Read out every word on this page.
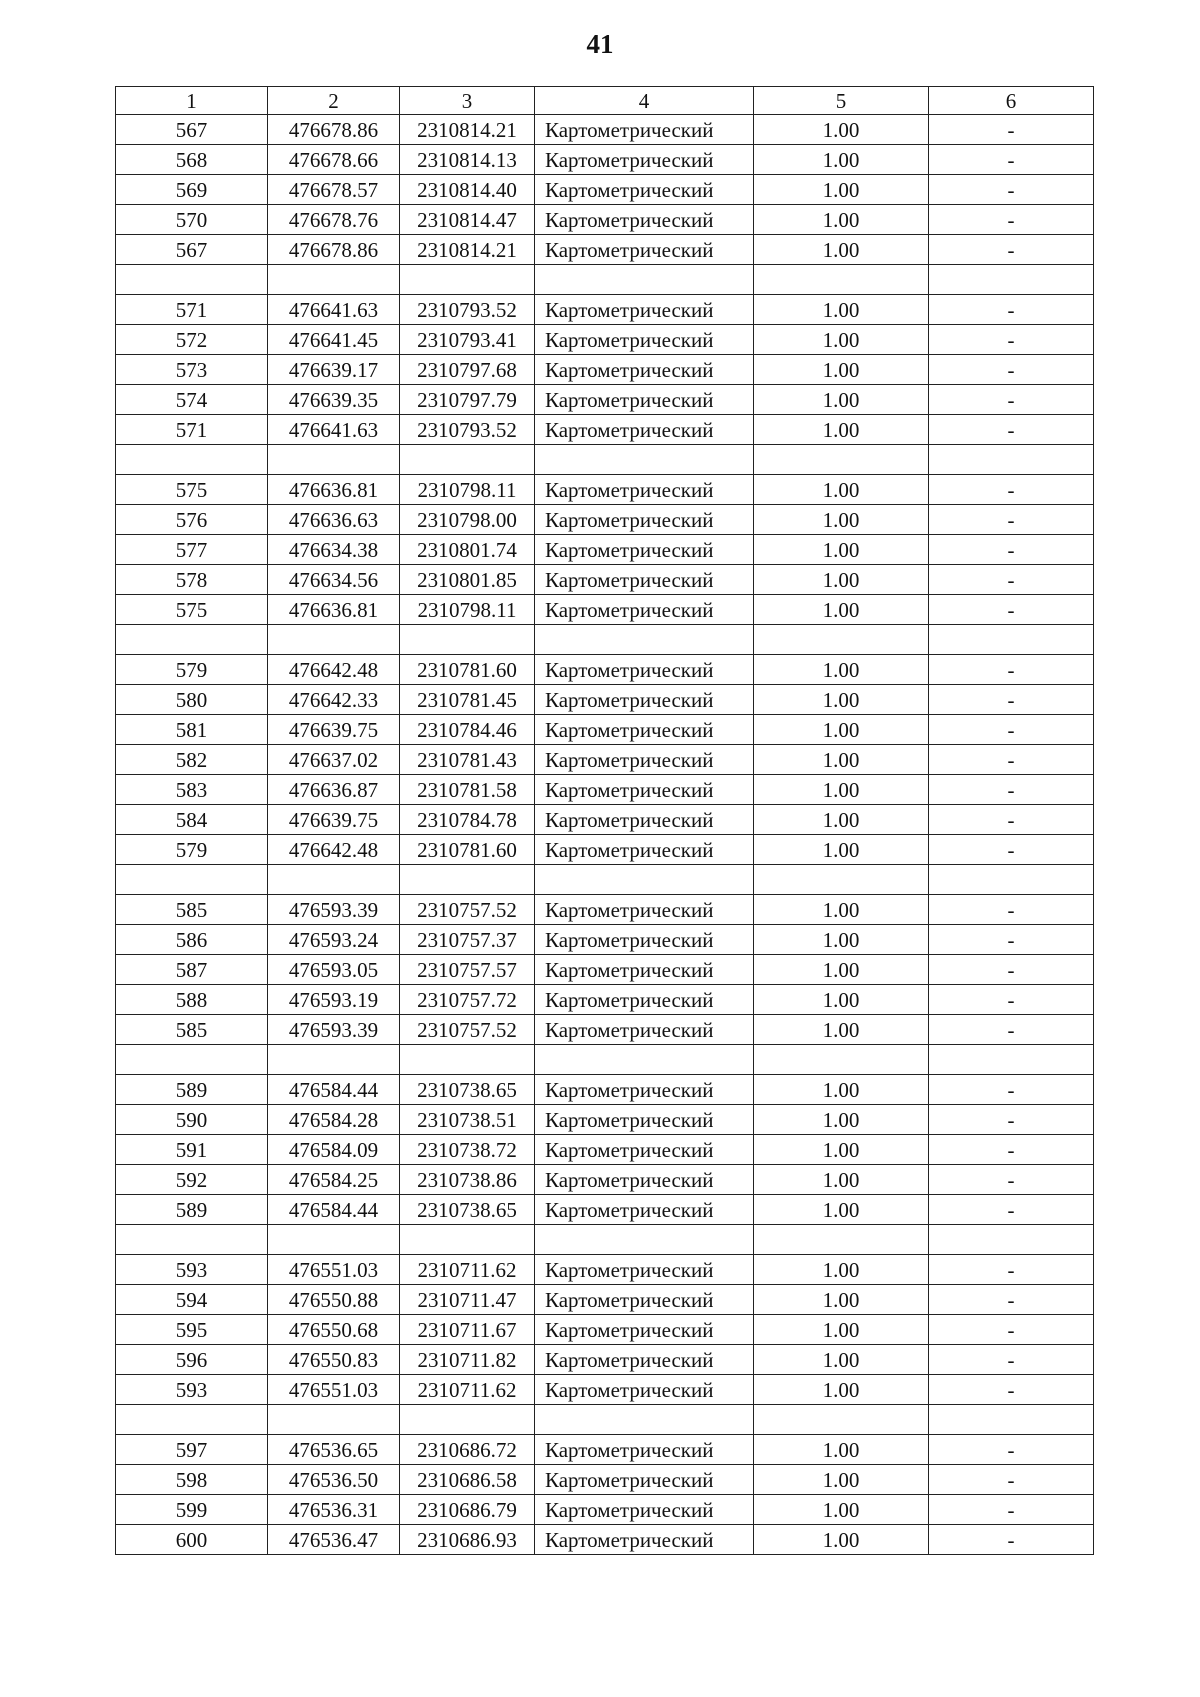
41
1	2	3	4	5	6
567	476678.86	2310814.21	Картометрический	1.00	-
568	476678.66	2310814.13	Картометрический	1.00	-
569	476678.57	2310814.40	Картометрический	1.00	-
570	476678.76	2310814.47	Картометрический	1.00	-
567	476678.86	2310814.21	Картометрический	1.00	-

571	476641.63	2310793.52	Картометрический	1.00	-
572	476641.45	2310793.41	Картометрический	1.00	-
573	476639.17	2310797.68	Картометрический	1.00	-
574	476639.35	2310797.79	Картометрический	1.00	-
571	476641.63	2310793.52	Картометрический	1.00	-

575	476636.81	2310798.11	Картометрический	1.00	-
576	476636.63	2310798.00	Картометрический	1.00	-
577	476634.38	2310801.74	Картометрический	1.00	-
578	476634.56	2310801.85	Картометрический	1.00	-
575	476636.81	2310798.11	Картометрический	1.00	-

579	476642.48	2310781.60	Картометрический	1.00	-
580	476642.33	2310781.45	Картометрический	1.00	-
581	476639.75	2310784.46	Картометрический	1.00	-
582	476637.02	2310781.43	Картометрический	1.00	-
583	476636.87	2310781.58	Картометрический	1.00	-
584	476639.75	2310784.78	Картометрический	1.00	-
579	476642.48	2310781.60	Картометрический	1.00	-

585	476593.39	2310757.52	Картометрический	1.00	-
586	476593.24	2310757.37	Картометрический	1.00	-
587	476593.05	2310757.57	Картометрический	1.00	-
588	476593.19	2310757.72	Картометрический	1.00	-
585	476593.39	2310757.52	Картометрический	1.00	-

589	476584.44	2310738.65	Картометрический	1.00	-
590	476584.28	2310738.51	Картометрический	1.00	-
591	476584.09	2310738.72	Картометрический	1.00	-
592	476584.25	2310738.86	Картометрический	1.00	-
589	476584.44	2310738.65	Картометрический	1.00	-

593	476551.03	2310711.62	Картометрический	1.00	-
594	476550.88	2310711.47	Картометрический	1.00	-
595	476550.68	2310711.67	Картометрический	1.00	-
596	476550.83	2310711.82	Картометрический	1.00	-
593	476551.03	2310711.62	Картометрический	1.00	-

597	476536.65	2310686.72	Картометрический	1.00	-
598	476536.50	2310686.58	Картометрический	1.00	-
599	476536.31	2310686.79	Картометрический	1.00	-
600	476536.47	2310686.93	Картометрический	1.00	-
